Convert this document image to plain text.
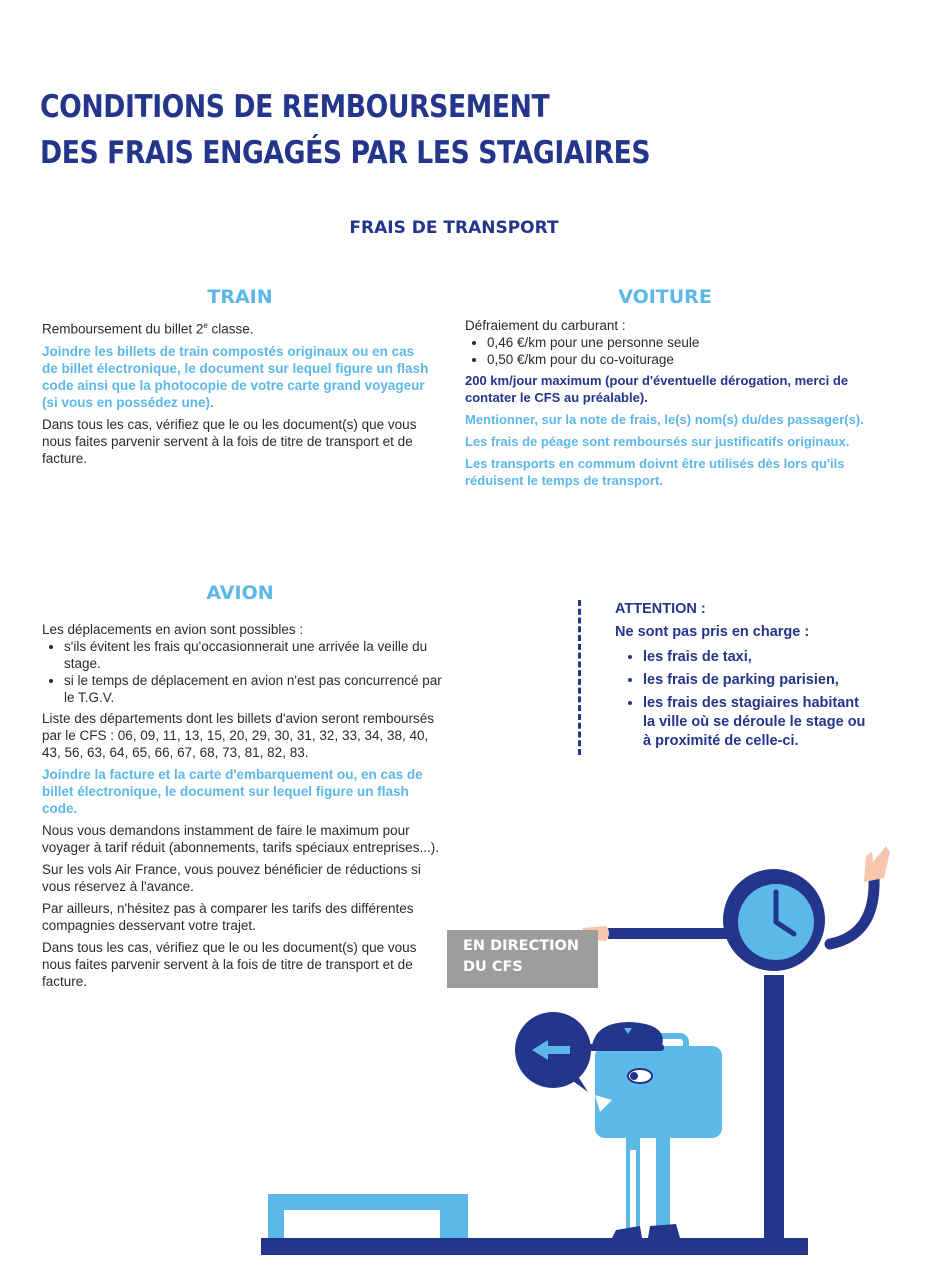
CONDITIONS DE REMBOURSEMENT
DES FRAIS ENGAGÉS PAR LES STAGIAIRES
FRAIS DE TRANSPORT
TRAIN

Remboursement du billet 2e classe.

Joindre les billets de train compostés originaux ou en cas de billet électronique, le document sur lequel figure un flash code ainsi que la photocopie de votre carte grand voyageur (si vous en possédez une).

Dans tous les cas, vérifiez que le ou les document(s) que vous nous faites parvenir servent à la fois de titre de transport et de facture.

VOITURE

Défraiement du carburant :

• 0,46 €/km pour une personne seule
• 0,50 €/km pour du co-voiturage

200 km/jour maximum (pour d'éventuelle dérogation, merci de contater le CFS au préalable).

Mentionner, sur la note de frais, le(s) nom(s) du/des passager(s).

Les frais de péage sont remboursés sur justificatifs originaux.

Les transports en commum doivnt être utilisés dès lors qu'ils réduisent le temps de transport.

AVION

Les déplacements en avion sont possibles :

• s'ils évitent les frais qu'occasionnerait une arrivée la veille du stage.
• si le temps de déplacement en avion n'est pas concurrencé par le T.G.V.

Liste des départements dont les billets d'avion seront remboursés par le CFS : 06, 09, 11, 13, 15, 20, 29, 30, 31, 32, 33, 34, 38, 40, 43, 56, 63, 64, 65, 66, 67, 68, 73, 81, 82, 83.

Joindre la facture et la carte d'embarquement ou, en cas de billet électronique, le document sur lequel figure un flash code.

Nous vous demandons instamment de faire le maximum pour voyager à tarif réduit (abonnements, tarifs spéciaux entreprises...).

Sur les vols Air France, vous pouvez bénéficier de réductions si vous réservez à l'avance.

Par ailleurs, n'hésitez pas à comparer les tarifs des différentes compagnies desservant votre trajet.

Dans tous les cas, vérifiez que le ou les document(s) que vous nous faites parvenir servent à la fois de titre de transport et de facture.

ATTENTION :

Ne sont pas pris en charge :

• les frais de taxi,
• les frais de parking parisien,
• les frais des stagiaires habitant la ville où se déroule le stage ou à proximité de celle-ci.
EN DIRECTION
DU CFS
